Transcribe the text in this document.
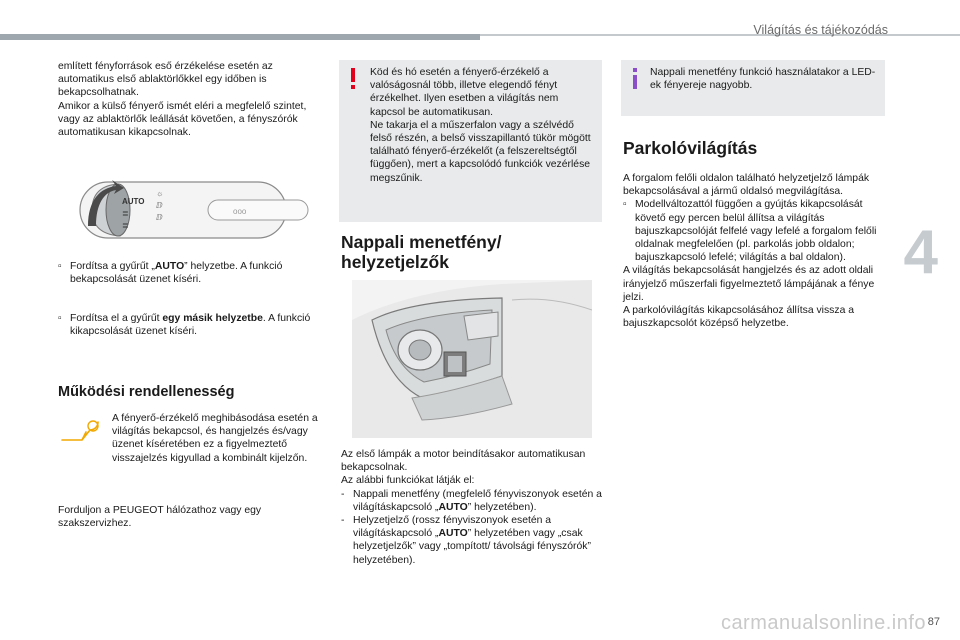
Világítás és tájékozódás
4

említett fényforrások eső érzékelése esetén az automatikus első ablaktörlőkkel egy időben is bekapcsolhatnak.

Amikor a külső fényerő ismét eléri a megfelelő szintet, vagy az ablaktörlők leállását követően, a fényszórók automatikusan kikapcsolnak.

ooo
AUTO
☼
ⅅ
ⅅ
≣
≣

▫ Fordítsa a gyűrűt „AUTO” helyzetbe. A funkció bekapcsolását üzenet kíséri.

▫ Fordítsa el a gyűrűt egy másik helyzetbe. A funkció kikapcsolását üzenet kíséri.

Működési rendellenesség
A fényerő-érzékelő meghibásodása esetén a világítás bekapcsol, és hangjelzés és/vagy üzenet kíséretében ez a figyelmeztető visszajelzés kigyullad a kombinált kijelzőn.
Forduljon a PEUGEOT hálózathoz vagy egy szakszervizhez.

Köd és hó esetén a fényerő-érzékelő a valóságosnál több, illetve elegendő fényt érzékelhet. Ilyen esetben a világítás nem kapcsol be automatikusan.

Ne takarja el a műszerfalon vagy a szélvédő felső részén, a belső visszapillantó tükör mögött található fényerő-érzékelőt (a felszereltségtől függően), mert a kapcsolódó funkciók vezérlése megszűnik.

Nappali menetfény/ helyzetjelzők

Az első lámpák a motor beindításakor automatikusan bekapcsolnak.

Az alábbi funkciókat látják el:

- Nappali menetfény (megfelelő fényviszonyok esetén a világításkapcsoló „AUTO” helyzetében).

- Helyzetjelző (rossz fényviszonyok esetén a világításkapcsoló „AUTO” helyzetében vagy „csak helyzetjelzők” vagy „tompított/ távolsági fényszórók” helyzetében).

Nappali menetfény funkció használatakor a LED-ek fényereje nagyobb.
Parkolóvilágítás

A forgalom felőli oldalon található helyzetjelző lámpák bekapcsolásával a jármű oldalsó megvilágítása.

▫ Modellváltozattól függően a gyújtás kikapcsolását követő egy percen belül állítsa a világítás bajuszkapcsolóját felfelé vagy lefelé a forgalom felőli oldalnak megfelelően (pl. parkolás jobb oldalon; bajuszkapcsoló lefelé; világítás a bal oldalon).

A világítás bekapcsolását hangjelzés és az adott oldali irányjelző műszerfali figyelmeztető lámpájának a fénye jelzi.

A parkolóvilágítás kikapcsolásához állítsa vissza a bajuszkapcsolót középső helyzetbe.

87
carmanualsonline.info
